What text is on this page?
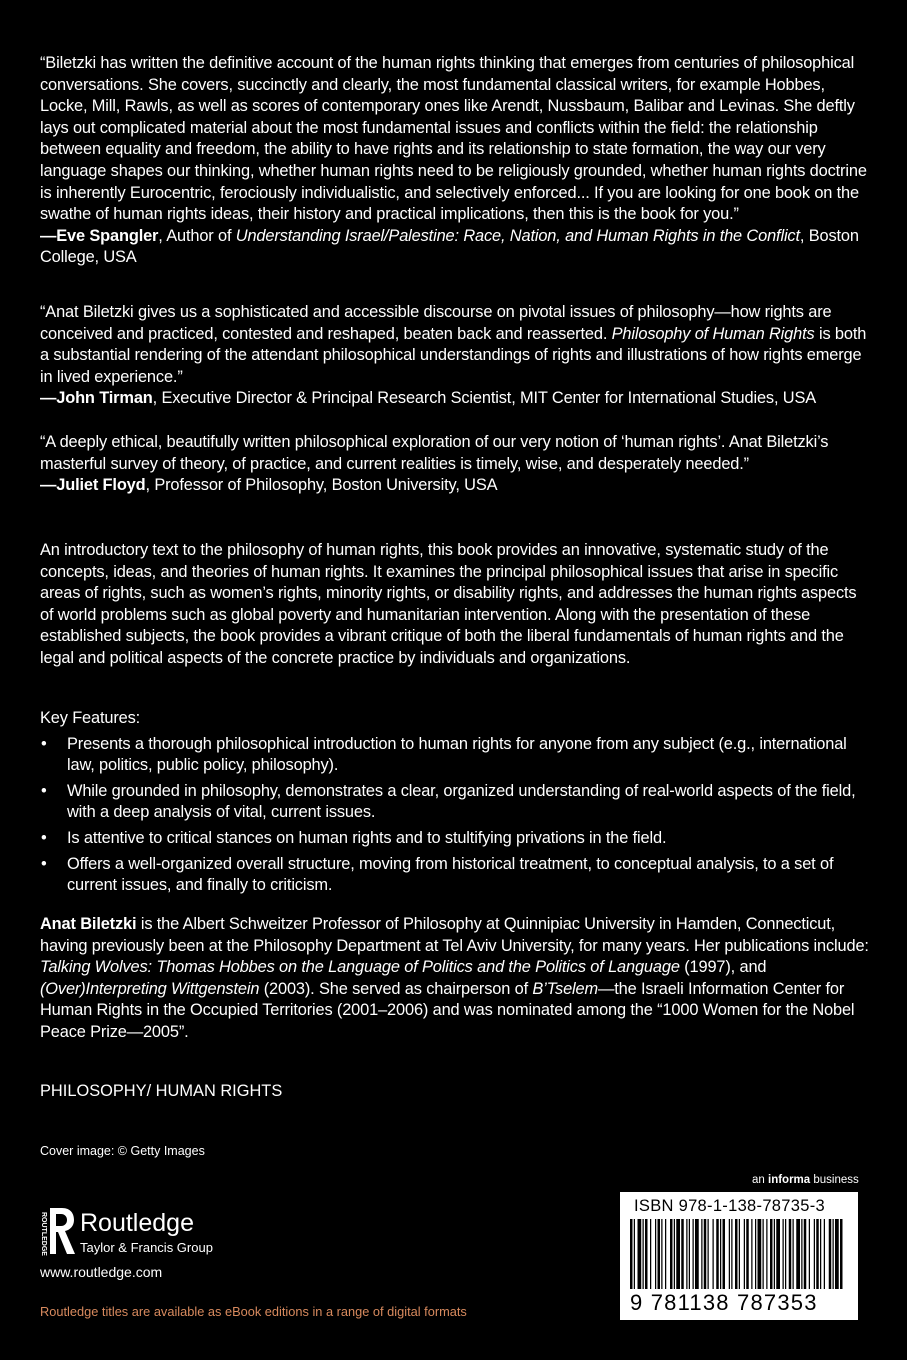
“Biletzki has written the definitive account of the human rights thinking that emerges from centuries of philosophical conversations. She covers, succinctly and clearly, the most fundamental classical writers, for example Hobbes, Locke, Mill, Rawls, as well as scores of contemporary ones like Arendt, Nussbaum, Balibar and Levinas. She deftly lays out complicated material about the most fundamental issues and conflicts within the field: the relationship between equality and freedom, the ability to have rights and its relationship to state formation, the way our very language shapes our thinking, whether human rights need to be religiously grounded, whether human rights doctrine is inherently Eurocentric, ferociously individualistic, and selectively enforced... If you are looking for one book on the swathe of human rights ideas, their history and practical implications, then this is the book for you.”
—Eve Spangler, Author of Understanding Israel/Palestine: Race, Nation, and Human Rights in the Conflict, Boston College, USA

“Anat Biletzki gives us a sophisticated and accessible discourse on pivotal issues of philosophy—how rights are conceived and practiced, contested and reshaped, beaten back and reasserted. Philosophy of Human Rights is both a substantial rendering of the attendant philosophical understandings of rights and illustrations of how rights emerge in lived experience.”
—John Tirman, Executive Director & Principal Research Scientist, MIT Center for International Studies, USA

“A deeply ethical, beautifully written philosophical exploration of our very notion of ‘human rights’. Anat Biletzki’s masterful survey of theory, of practice, and current realities is timely, wise, and desperately needed.”
—Juliet Floyd, Professor of Philosophy, Boston University, USA

An introductory text to the philosophy of human rights, this book provides an innovative, systematic study of the concepts, ideas, and theories of human rights. It examines the principal philosophical issues that arise in specific areas of rights, such as women’s rights, minority rights, or disability rights, and addresses the human rights aspects of world problems such as global poverty and humanitarian intervention. Along with the presentation of these established subjects, the book provides a vibrant critique of both the liberal fundamentals of human rights and the legal and political aspects of the concrete practice by individuals and organizations.

Key Features:

• Presents a thorough philosophical introduction to human rights for anyone from any subject (e.g., international law, politics, public policy, philosophy).
• While grounded in philosophy, demonstrates a clear, organized understanding of real-world aspects of the field, with a deep analysis of vital, current issues.
• Is attentive to critical stances on human rights and to stultifying privations in the field.
• Offers a well-organized overall structure, moving from historical treatment, to conceptual analysis, to a set of current issues, and finally to criticism.

Anat Biletzki is the Albert Schweitzer Professor of Philosophy at Quinnipiac University in Hamden, Connecticut, having previously been at the Philosophy Department at Tel Aviv University, for many years. Her publications include: Talking Wolves: Thomas Hobbes on the Language of Politics and the Politics of Language (1997), and (Over)Interpreting Wittgenstein (2003). She served as chairperson of B’Tselem—the Israeli Information Center for Human Rights in the Occupied Territories (2001–2006) and was nominated among the “1000 Women for the Nobel Peace Prize—2005”.

PHILOSOPHY/ HUMAN RIGHTS
Cover image: © Getty Images
an informa business
ROUTLEDGE Routledge
Taylor & Francis Group
www.routledge.com
Routledge titles are available as eBook editions in a range of digital formats
ISBN 978-1-138-78735-3
9 781138 787353
